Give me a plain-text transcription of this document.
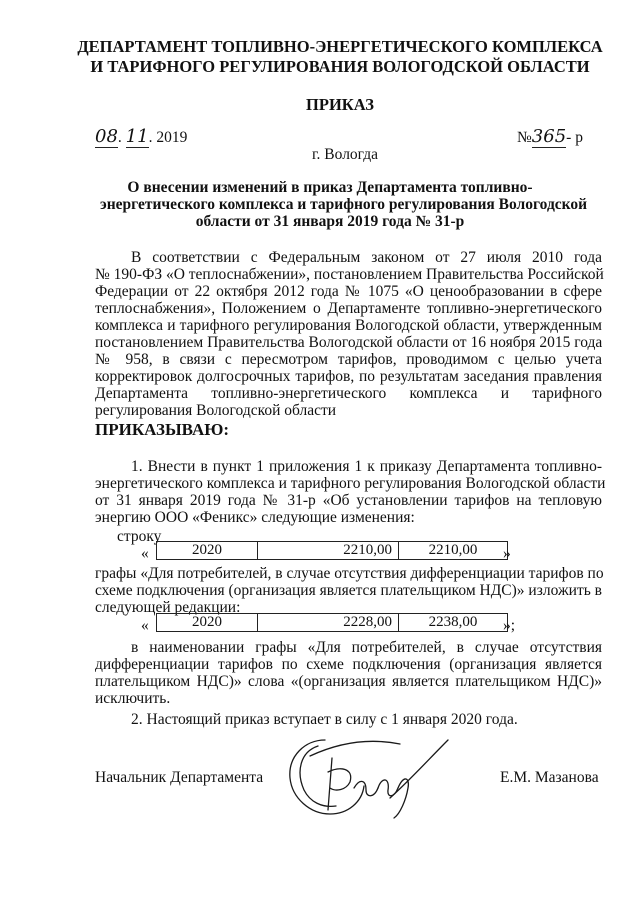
ДЕПАРТАМЕНТ ТОПЛИВНО-ЭНЕРГЕТИЧЕСКОГО КОМПЛЕКСА
И ТАРИФНОГО РЕГУЛИРОВАНИЯ ВОЛОГОДСКОЙ ОБЛАСТИ
ПРИКАЗ
08. 11. 2019	№365- р
г. Вологда
О внесении изменений в приказ Департамента топливно-
энергетического комплекса и тарифного регулирования Вологодской
области от 31 января 2019 года № 31-р
В соответствии с Федеральным законом от 27 июля 2010 года
№ 190-ФЗ «О теплоснабжении», постановлением Правительства Российской
Федерации от 22 октября 2012 года № 1075 «О ценообразовании в сфере
теплоснабжения», Положением о Департаменте топливно-энергетического
комплекса и тарифного регулирования Вологодской области, утвержденным
постановлением Правительства Вологодской области от 16 ноября 2015 года
№ 958, в связи с пересмотром тарифов, проводимом с целью учета
корректировок долгосрочных тарифов, по результатам заседания правления
Департамента топливно-энергетического комплекса и тарифного
регулирования Вологодской области
ПРИКАЗЫВАЮ:
1. Внести в пункт 1 приложения 1 к приказу Департамента топливно-
энергетического комплекса и тарифного регулирования Вологодской области
от 31 января 2019 года № 31-р «Об установлении тарифов на тепловую
энергию ООО «Феникс» следующие изменения:
строку
«	2020	2210,00	2210,00 »
графы «Для потребителей, в случае отсутствия дифференциации тарифов по
схеме подключения (организация является плательщиком НДС)» изложить в
следующей редакции:
«	2020	2228,00	2238,00 »;
в наименовании графы «Для потребителей, в случае отсутствия
дифференциации тарифов по схеме подключения (организация является
плательщиком НДС)» слова «(организация является плательщиком НДС)»
исключить.
2. Настоящий приказ вступает в силу с 1 января 2020 года.
Начальник Департамента	Е.М. Мазанова
